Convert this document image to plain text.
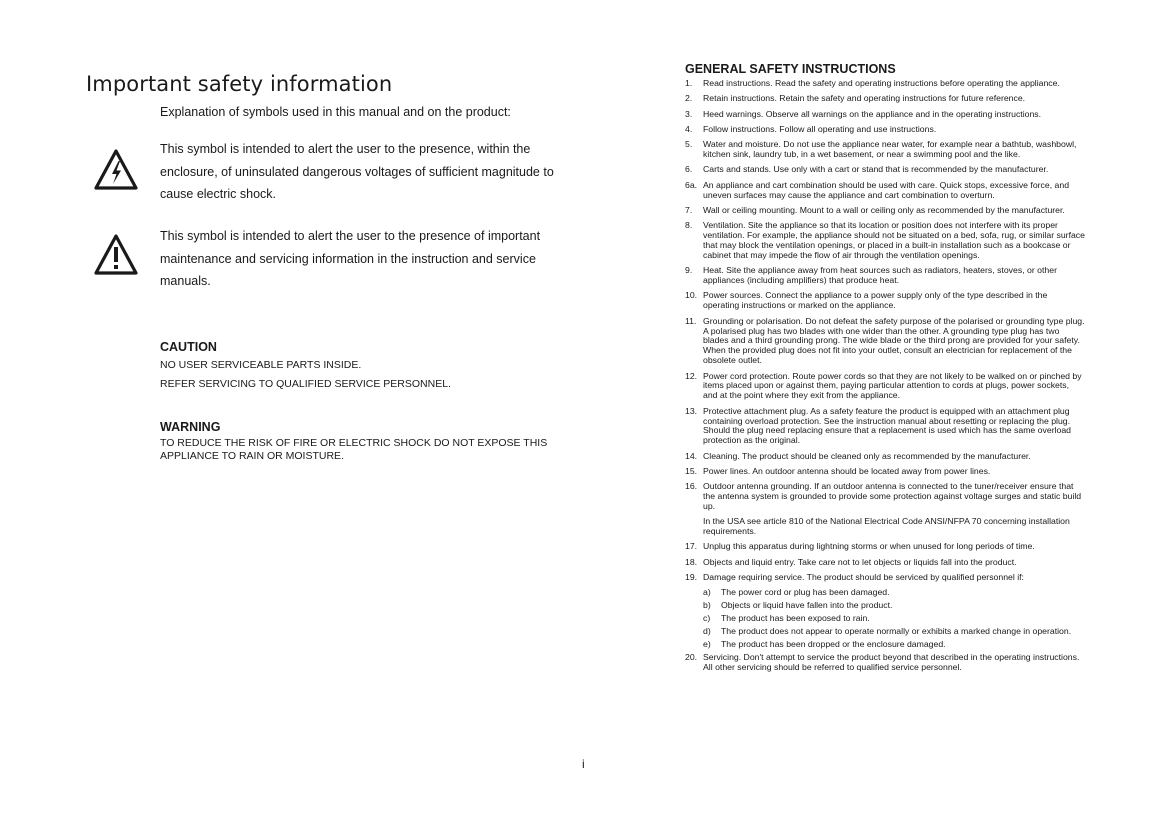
Important safety information
Explanation of symbols used in this manual and on the product:
This symbol is intended to alert the user to the presence, within the enclosure, of uninsulated dangerous voltages of sufficient magnitude to cause electric shock.
This symbol is intended to alert the user to the presence of important maintenance and servicing information in the instruction and service manuals.
CAUTION
NO USER SERVICEABLE PARTS INSIDE.
REFER SERVICING TO QUALIFIED SERVICE PERSONNEL.
WARNING
TO REDUCE THE RISK OF FIRE OR ELECTRIC SHOCK DO NOT EXPOSE THIS APPLIANCE TO RAIN OR MOISTURE.
GENERAL SAFETY INSTRUCTIONS
1.	Read instructions. Read the safety and operating instructions before operating the appliance.
2.	Retain instructions. Retain the safety and operating instructions for future reference.
3.	Heed warnings. Observe all warnings on the appliance and in the operating instructions.
4.	Follow instructions. Follow all operating and use instructions.
5.	Water and moisture. Do not use the appliance near water, for example near a bathtub, washbowl, kitchen sink, laundry tub, in a wet basement, or near a swimming pool and the like.
6.	Carts and stands. Use only with a cart or stand that is recommended by the manufacturer.
6a. An appliance and cart combination should be used with care. Quick stops, excessive force, and uneven surfaces may cause the appliance and cart combination to overturn.
7.	Wall or ceiling mounting. Mount to a wall or ceiling only as recommended by the manufacturer.
8.	Ventilation. Site the appliance so that its location or position does not interfere with its proper ventilation. For example, the appliance should not be situated on a bed, sofa, rug, or similar surface that may block the ventilation openings, or placed in a built-in installation such as a bookcase or cabinet that may impede the flow of air through the ventilation openings.
9.	Heat. Site the appliance away from heat sources such as radiators, heaters, stoves, or other appliances (including amplifiers) that produce heat.
10. Power sources. Connect the appliance to a power supply only of the type described in the operating instructions or marked on the appliance.
11. Grounding or polarisation. Do not defeat the safety purpose of the polarised or grounding type plug. A polarised plug has two blades with one wider than the other. A grounding type plug has two blades and a third grounding prong. The wide blade or the third prong are provided for your safety. When the provided plug does not fit into your outlet, consult an electrician for replacement of the obsolete outlet.
12. Power cord protection. Route power cords so that they are not likely to be walked on or pinched by items placed upon or against them, paying particular attention to cords at plugs, power sockets, and at the point where they exit from the appliance.
13. Protective attachment plug. As a safety feature the product is equipped with an attachment plug containing overload protection. See the instruction manual about resetting or replacing the plug. Should the plug need replacing ensure that a replacement is used which has the same overload protection as the original.
14. Cleaning. The product should be cleaned only as recommended by the manufacturer.
15. Power lines. An outdoor antenna should be located away from power lines.
16. Outdoor antenna grounding. If an outdoor antenna is connected to the tuner/receiver ensure that the antenna system is grounded to provide some protection against voltage surges and static build up.
In the USA see article 810 of the National Electrical Code ANSI/NFPA 70 concerning installation requirements.
17. Unplug this apparatus during lightning storms or when unused for long periods of time.
18. Objects and liquid entry. Take care not to let objects or liquids fall into the product.
19. Damage requiring service. The product should be serviced by qualified personnel if:
a)	The power cord or plug has been damaged.
b)	Objects or liquid have fallen into the product.
c)	The product has been exposed to rain.
d)	The product does not appear to operate normally or exhibits a marked change in operation.
e)	The product has been dropped or the enclosure damaged.
20. Servicing. Don't attempt to service the product beyond that described in the operating instructions. All other servicing should be referred to qualified service personnel.
i
